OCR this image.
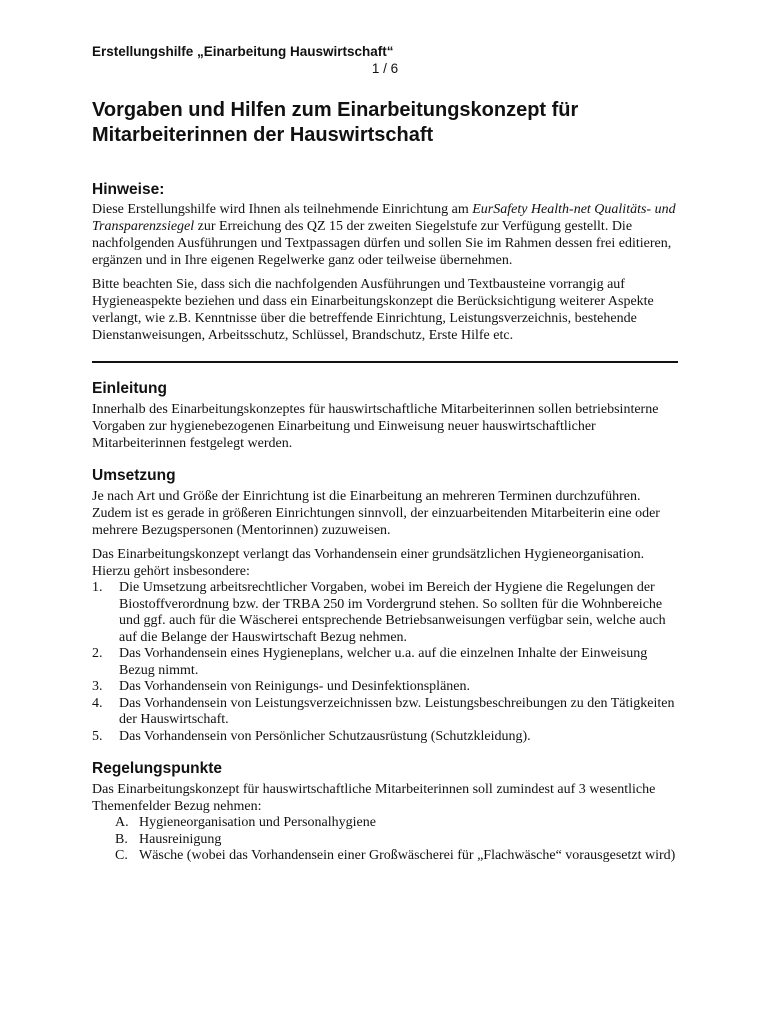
Erstellungshilfe „Einarbeitung Hauswirtschaft“
1 / 6
Vorgaben und Hilfen zum Einarbeitungskonzept für Mitarbeiterinnen der Hauswirtschaft
Hinweise:

Diese Erstellungshilfe wird Ihnen als teilnehmende Einrichtung am EurSafety Health-net Qualitäts- und Transparenzsiegel zur Erreichung des QZ 15 der zweiten Siegelstufe zur Verfügung gestellt. Die nachfolgenden Ausführungen und Textpassagen dürfen und sollen Sie im Rahmen dessen frei editieren, ergänzen und in Ihre eigenen Regelwerke ganz oder teilweise übernehmen.

Bitte beachten Sie, dass sich die nachfolgenden Ausführungen und Textbausteine vorrangig auf Hygieneaspekte beziehen und dass ein Einarbeitungskonzept die Berücksichtigung weiterer Aspekte verlangt, wie z.B. Kenntnisse über die betreffende Einrichtung, Leistungsverzeichnis, bestehende Dienstanweisungen, Arbeitsschutz, Schlüssel, Brandschutz, Erste Hilfe etc.

Einleitung

Innerhalb des Einarbeitungskonzeptes für hauswirtschaftliche Mitarbeiterinnen sollen betriebsinterne Vorgaben zur hygienebezogenen Einarbeitung und Einweisung neuer hauswirtschaftlicher Mitarbeiterinnen festgelegt werden.

Umsetzung

Je nach Art und Größe der Einrichtung ist die Einarbeitung an mehreren Terminen durchzuführen. Zudem ist es gerade in größeren Einrichtungen sinnvoll, der einzuarbeitenden Mitarbeiterin eine oder mehrere Bezugspersonen (Mentorinnen) zuzuweisen.

Das Einarbeitungskonzept verlangt das Vorhandensein einer grundsätzlichen Hygieneorganisation. Hierzu gehört insbesondere:

1.	Die Umsetzung arbeitsrechtlicher Vorgaben, wobei im Bereich der Hygiene die Regelungen der Biostoffverordnung bzw. der TRBA 250 im Vordergrund stehen. So sollten für die Wohnbereiche und ggf. auch für die Wäscherei entsprechende Betriebsanweisungen verfügbar sein, welche auch auf die Belange der Hauswirtschaft Bezug nehmen.
2.	Das Vorhandensein eines Hygieneplans, welcher u.a. auf die einzelnen Inhalte der Einweisung Bezug nimmt.
3.	Das Vorhandensein von Reinigungs- und Desinfektionsplänen.
4.	Das Vorhandensein von Leistungsverzeichnissen bzw. Leistungsbeschreibungen zu den Tätigkeiten der Hauswirtschaft.
5.	Das Vorhandensein von Persönlicher Schutzausrüstung (Schutzkleidung).
Regelungspunkte

Das Einarbeitungskonzept für hauswirtschaftliche Mitarbeiterinnen soll zumindest auf 3 wesentliche Themenfelder Bezug nehmen:

A. Hygieneorganisation und Personalhygiene
B. Hausreinigung
C. Wäsche (wobei das Vorhandensein einer Großwäscherei für „Flachwäsche“ vorausgesetzt wird)
